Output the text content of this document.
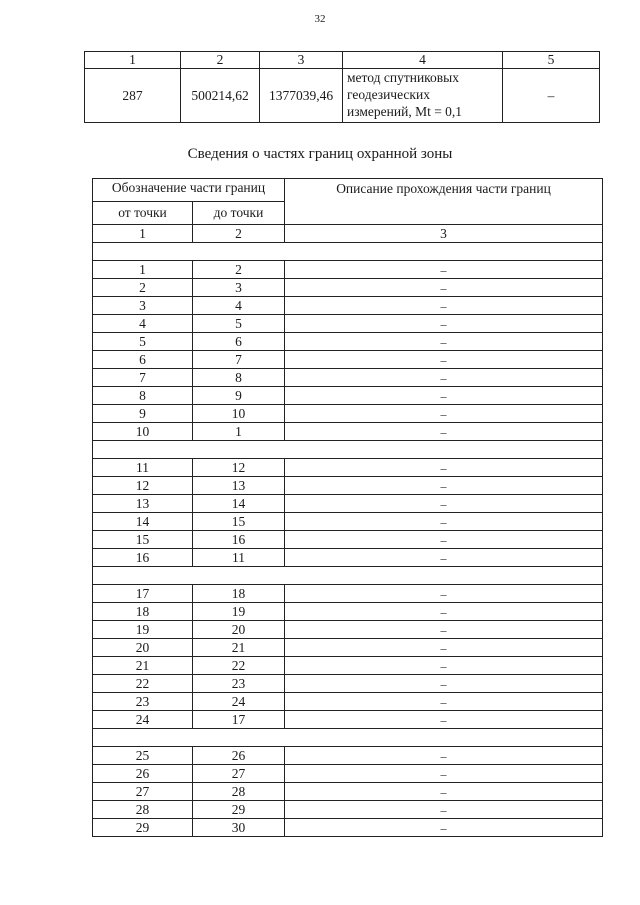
32
1	2	3	4	5
287	500214,62	1377039,46	метод спутниковых
геодезических
измерений, Mt = 0,1	–
Сведения о частях границ охранной зоны
Обозначение части границ		Описание прохождения части границ
от точки	до точки	
1	2	3

1	2	–
2	3	–
3	4	–
4	5	–
5	6	–
6	7	–
7	8	–
8	9	–
9	10	–
10	1	–

11	12	–
12	13	–
13	14	–
14	15	–
15	16	–
16	11	–

17	18	–
18	19	–
19	20	–
20	21	–
21	22	–
22	23	–
23	24	–
24	17	–

25	26	–
26	27	–
27	28	–
28	29	–
29	30	–
